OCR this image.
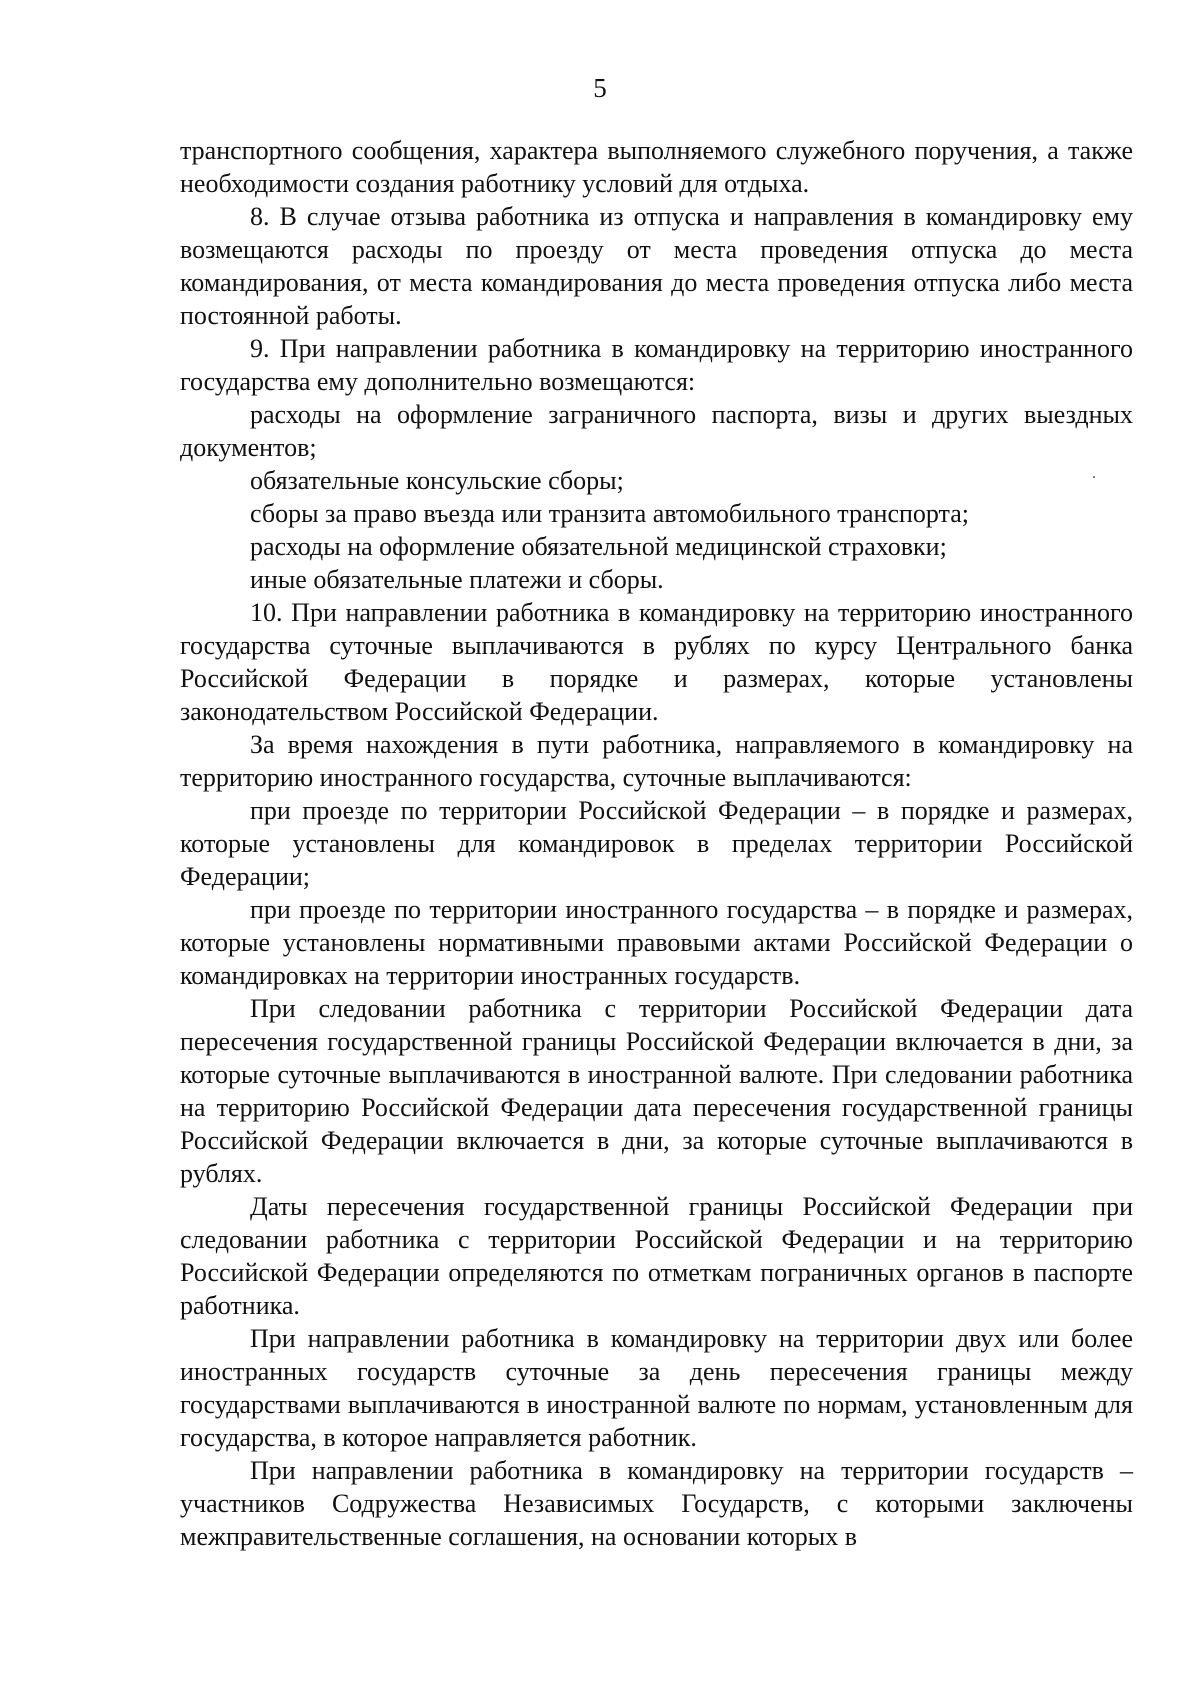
5

транспортного сообщения, характера выполняемого служебного поручения, а также необходимости создания работнику условий для отдыха.

8. В случае отзыва работника из отпуска и направления в командировку ему возмещаются расходы по проезду от места проведения отпуска до места командирования, от места командирования до места проведения отпуска либо места постоянной работы.

9. При направлении работника в командировку на территорию иностранного государства ему дополнительно возмещаются:

расходы на оформление заграничного паспорта, визы и других выездных документов;

обязательные консульские сборы;

сборы за право въезда или транзита автомобильного транспорта;

расходы на оформление обязательной медицинской страховки;

иные обязательные платежи и сборы.

10. При направлении работника в командировку на территорию иностранного государства суточные выплачиваются в рублях по курсу Центрального банка Российской Федерации в порядке и размерах, которые установлены законодательством Российской Федерации.

За время нахождения в пути работника, направляемого в командировку на территорию иностранного государства, суточные выплачиваются:

при проезде по территории Российской Федерации – в порядке и размерах, которые установлены для командировок в пределах территории Российской Федерации;

при проезде по территории иностранного государства – в порядке и размерах, которые установлены нормативными правовыми актами Российской Федерации о командировках на территории иностранных государств.

При следовании работника с территории Российской Федерации дата пересечения государственной границы Российской Федерации включается в дни, за которые суточные выплачиваются в иностранной валюте. При следовании работника на территорию Российской Федерации дата пересечения государственной границы Российской Федерации включается в дни, за которые суточные выплачиваются в рублях.

Даты пересечения государственной границы Российской Федерации при следовании работника с территории Российской Федерации и на территорию Российской Федерации определяются по отметкам пограничных органов в паспорте работника.

При направлении работника в командировку на территории двух или более иностранных государств суточные за день пересечения границы между государствами выплачиваются в иностранной валюте по нормам, установленным для государства, в которое направляется работник.

При направлении работника в командировку на территории государств – участников Содружества Независимых Государств, с которыми заключены межправительственные соглашения, на основании которых в
